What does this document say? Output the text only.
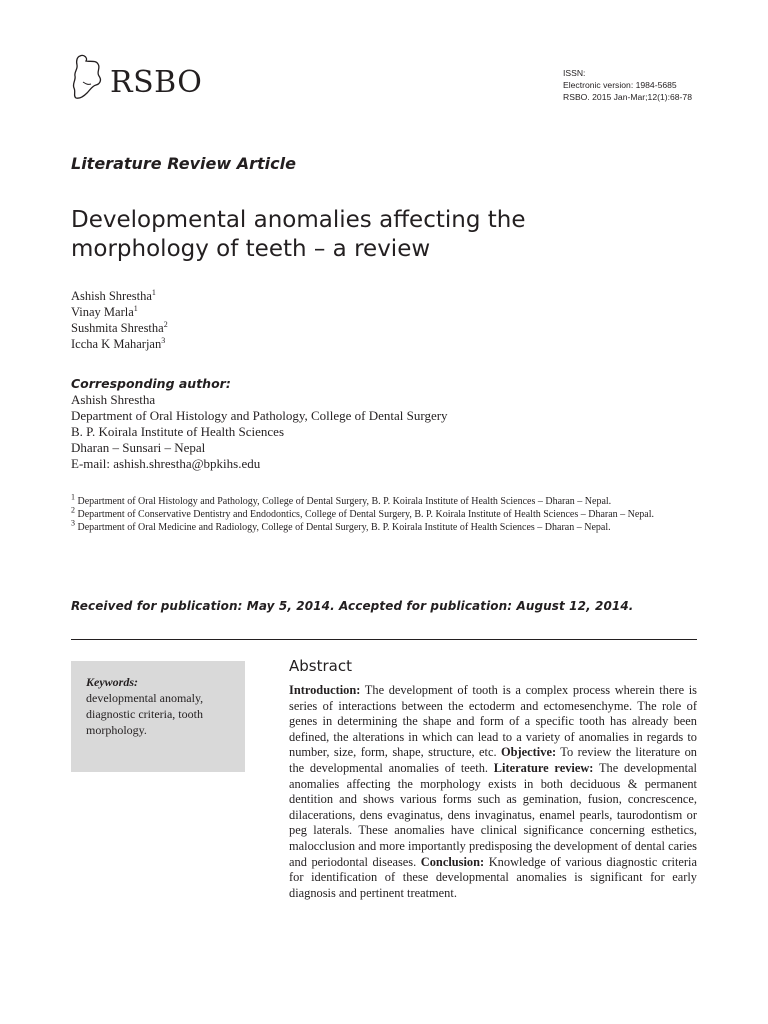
RSBO	ISSN:
Electronic version: 1984-5685
RSBO. 2015 Jan-Mar;12(1):68-78
Literature Review Article
Developmental anomalies affecting the
morphology of teeth – a review
Ashish Shrestha$^1$
Vinay Marla$^1$
Sushmita Shrestha$^2$
Iccha K Maharjan$^3$
Corresponding author:
Ashish Shrestha
Department of Oral Histology and Pathology, College of Dental Surgery
B. P. Koirala Institute of Health Sciences
Dharan – Sunsari – Nepal
E-mail: ashish.shrestha@bpkihs.edu

$^1$ Department of Oral Histology and Pathology, College of Dental Surgery, B. P. Koirala Institute of Health Sciences – Dharan – Nepal.

$^2$ Department of Conservative Dentistry and Endodontics, College of Dental Surgery, B. P. Koirala Institute of Health Sciences – Dharan – Nepal.

$^3$ Department of Oral Medicine and Radiology, College of Dental Surgery, B. P. Koirala Institute of Health Sciences – Dharan – Nepal.

Received for publication: May 5, 2014. Accepted for publication: August 12, 2014.
Keywords:
developmental anomaly, diagnostic criteria, tooth morphology.
Abstract
Introduction: The development of tooth is a complex process wherein there is series of interactions between the ectoderm and ectomesenchyme. The role of genes in determining the shape and form of a specific tooth has already been defined, the alterations in which can lead to a variety of anomalies in regards to number, size, form, shape, structure, etc. Objective: To review the literature on the developmental anomalies of teeth. Literature review: The developmental anomalies affecting the morphology exists in both deciduous & permanent dentition and shows various forms such as gemination, fusion, concrescence, dilacerations, dens evaginatus, dens invaginatus, enamel pearls, taurodontism or peg laterals. These anomalies have clinical significance concerning esthetics, malocclusion and more importantly predisposing the development of dental caries and periodontal diseases. Conclusion: Knowledge of various diagnostic criteria for identification of these developmental anomalies is significant for early diagnosis and pertinent treatment.
